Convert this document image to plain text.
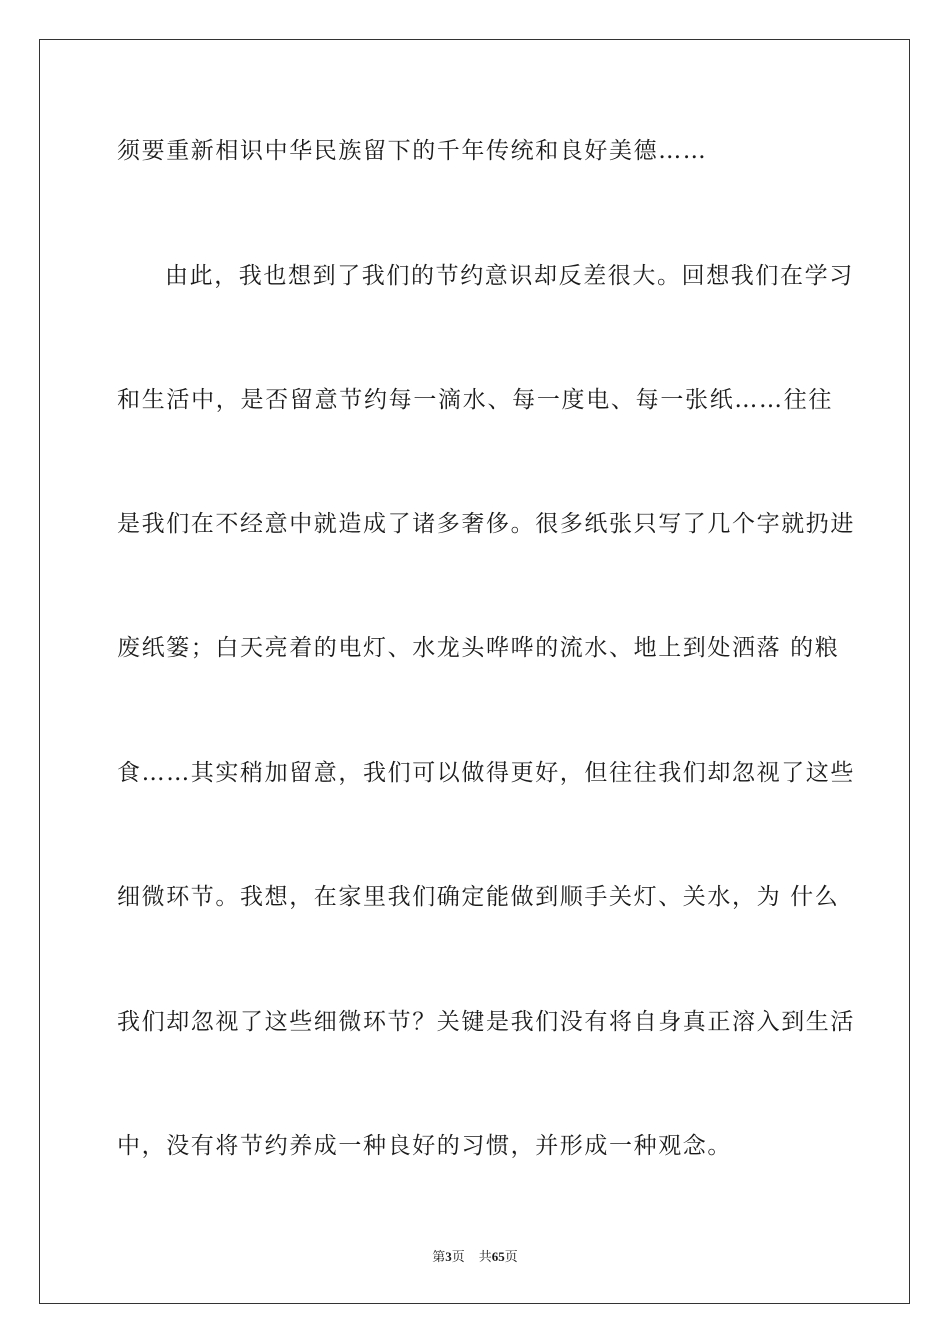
须要重新相识中华民族留下的千年传统和良好美德……
由此，我也想到了我们的节约意识却反差很大。回想我们在学习
和生活中，是否留意节约每一滴水、每一度电、每一张纸……往往
是我们在不经意中就造成了诸多奢侈。很多纸张只写了几个字就扔进
废纸篓；白天亮着的电灯、水龙头哗哗的流水、地上到处洒落 的粮
食……其实稍加留意，我们可以做得更好，但往往我们却忽视了这些
细微环节。我想，在家里我们确定能做到顺手关灯、关水，为 什么
我们却忽视了这些细微环节？关键是我们没有将自身真正溶入到生活
中，没有将节约养成一种良好的习惯，并形成一种观念。
第3页 共65页
